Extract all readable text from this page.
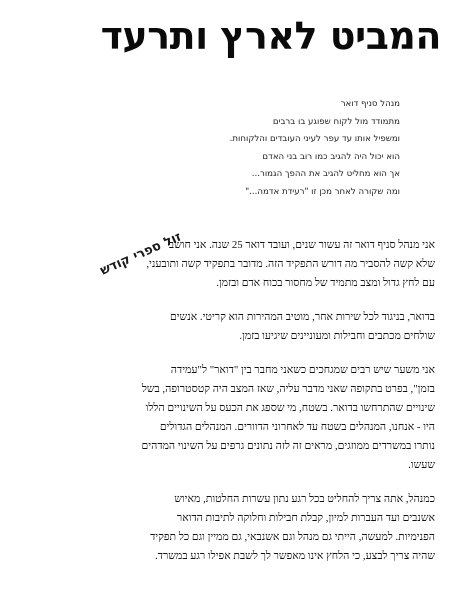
המביט לארץ ותרעד
מנהל סניף דואר
מתמודד מול לקוח שפוגע בו ברבים
ומשפיל אותו עד עפר לעיני העובדים והלקוחות.
הוא יכול היה להגיב כמו רוב בני האדם
אך הוא מחליט להגיב את ההפך הגמור...
ומה שקורה לאחר מכן זו "רעידת אדמה..."
אני מנהל סניף דואר זה עשור שנים, ועובד דואר 25 שנה. אני חושב
שלא קשה להסביר מה דורש התפקיד הזה. מדובר בתפקיד קשה ותובעני,
עם לחץ גדול ומצב מתמיד של מחסור בכוח אדם ובזמן.
בדואר, בניגוד לכל שירות אחר, מוטיב המהירות הוא קריטי. אנשים
שולחים מכתבים וחבילות ומעוניינים שיגיעו בזמן.
אני משער שיש רבים שמגחכים כשאני מחבר בין "דואר" ל"עמידה
בזמן", בפרט בתקופה שאני מדבר עליה, שאז המצב היה קטסטרופה, בשל
שינויים שהתרחשו בדואר. בשטח, מי שספג את הכעס על השינויים הללו
היו - אנחנו, המנהלים בשטח עד לאחרוני הדוורים. המנהלים הגדולים
נותרו במשרדים ממוזגים, מראים זה לזה נתונים גרפים על השינוי המדהים
שעשו.
כמנהל, אתה צריך להחליט בכל רגע נתון עשרות החלטות, מאיוש
אשנבים ועד העברות למיון, קבלת חבילות וחלוקה לתיבות הדואר
הפנימיות. למעשה, הייתי גם מנהל וגם אשנבאי, גם ממיין וגם כל תפקיד
שהיה צריך לבצע, כי הלחץ אינו מאפשר לך לשבת אפילו רגע במשרד.
זול ספרי קודש
